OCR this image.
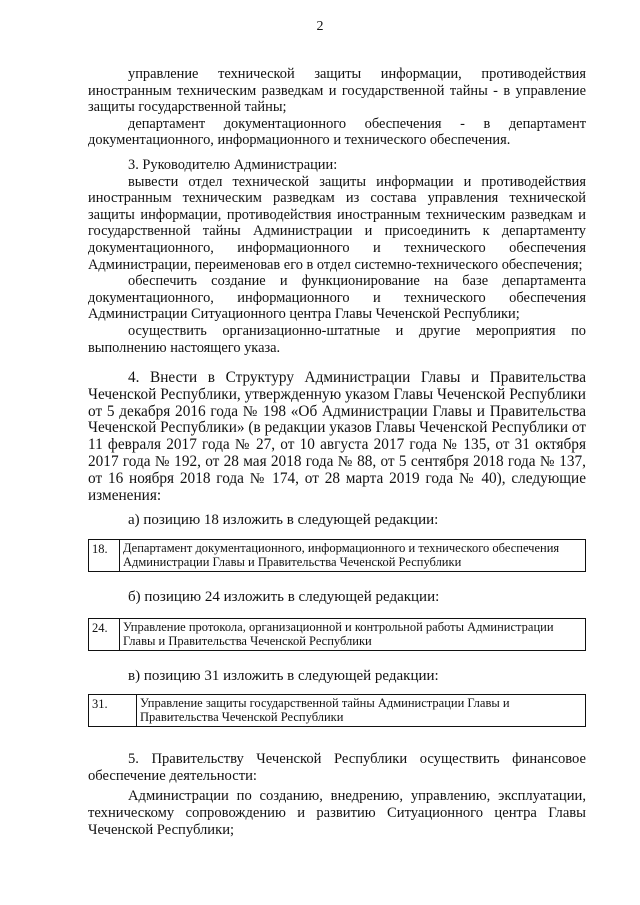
2

управление технической защиты информации, противодействия иностранным техническим разведкам и государственной тайны - в управление защиты государственной тайны;

департамент документационного обеспечения - в департамент документационного, информационного и технического обеспечения.

3. Руководителю Администрации:

вывести отдел технической защиты информации и противодействия иностранным техническим разведкам из состава управления технической защиты информации, противодействия иностранным техническим разведкам и государственной тайны Администрации и присоединить к департаменту документационного, информационного и технического обеспечения Администрации, переименовав его в отдел системно-технического обеспечения;

обеспечить создание и функционирование на базе департамента документационного, информационного и технического обеспечения Администрации Ситуационного центра Главы Чеченской Республики;

осуществить организационно-штатные и другие мероприятия по выполнению настоящего указа.

4. Внести в Структуру Администрации Главы и Правительства Чеченской Республики, утвержденную указом Главы Чеченской Республики от 5 декабря 2016 года № 198 «Об Администрации Главы и Правительства Чеченской Республики» (в редакции указов Главы Чеченской Республики от 11 февраля 2017 года № 27, от 10 августа 2017 года № 135, от 31 октября 2017 года № 192, от 28 мая 2018 года № 88, от 5 сентября 2018 года № 137, от 16 ноября 2018 года № 174, от 28 марта 2019 года № 40), следующие изменения:

а) позицию 18 изложить в следующей редакции:

18.	Департамент документационного, информационного и технического обеспечения Администрации Главы и Правительства Чеченской Республики

б) позицию 24 изложить в следующей редакции:

24.	Управление протокола, организационной и контрольной работы Администрации Главы и Правительства Чеченской Республики

в) позицию 31 изложить в следующей редакции:

31.	Управление защиты государственной тайны Администрации Главы и Правительства Чеченской Республики

5. Правительству Чеченской Республики осуществить финансовое обеспечение деятельности:

Администрации по созданию, внедрению, управлению, эксплуатации, техническому сопровождению и развитию Ситуационного центра Главы Чеченской Республики;
